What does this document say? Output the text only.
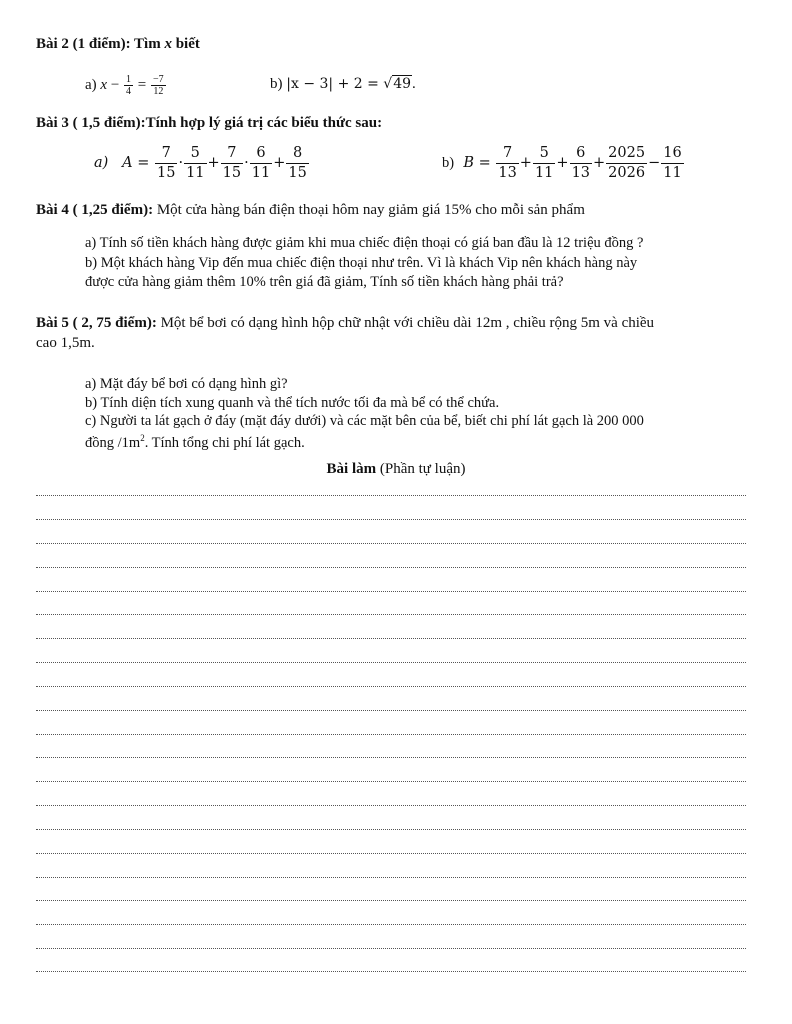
Bài 2 (1 điểm): Tìm x biết
a) $x - \frac{1}{4} = \frac{-7}{12}$	b) |x − 3| + 2 = √49.
Bài 3 ( 1,5 điểm):Tính hợp lý giá trị các biểu thức sau:
a) $A = \frac{7}{15} \cdot \frac{5}{11} + \frac{7}{15} \cdot \frac{6}{11} + \frac{8}{15}$	b) $B = \frac{7}{13} + \frac{5}{11} + \frac{6}{13} + \frac{2025}{2026} - \frac{16}{11}$
Bài 4 ( 1,25 điểm): Một cửa hàng bán điện thoại hôm nay giảm giá 15% cho mỗi sản phẩm
a) Tính số tiền khách hàng được giảm khi mua chiếc điện thoại có giá ban đầu là 12 triệu đồng ?
b) Một khách hàng Vip đến mua chiếc điện thoại như trên. Vì là khách Vip nên khách hàng này
được cửa hàng giảm thêm 10% trên giá đã giảm, Tính số tiền khách hàng phải trả?
Bài 5 ( 2, 75 điểm): Một bể bơi có dạng hình hộp chữ nhật với chiều dài 12m , chiều rộng 5m và chiều
cao 1,5m.
a) Mặt đáy bể bơi có dạng hình gì?
b) Tính diện tích xung quanh và thể tích nước tối đa mà bể có thể chứa.
c) Người ta lát gạch ở đáy (mặt đáy dưới) và các mặt bên của bể, biết chi phí lát gạch là 200 000
đồng $/1m^2$. Tính tổng chi phí lát gạch.
Bài làm (Phần tự luận)
